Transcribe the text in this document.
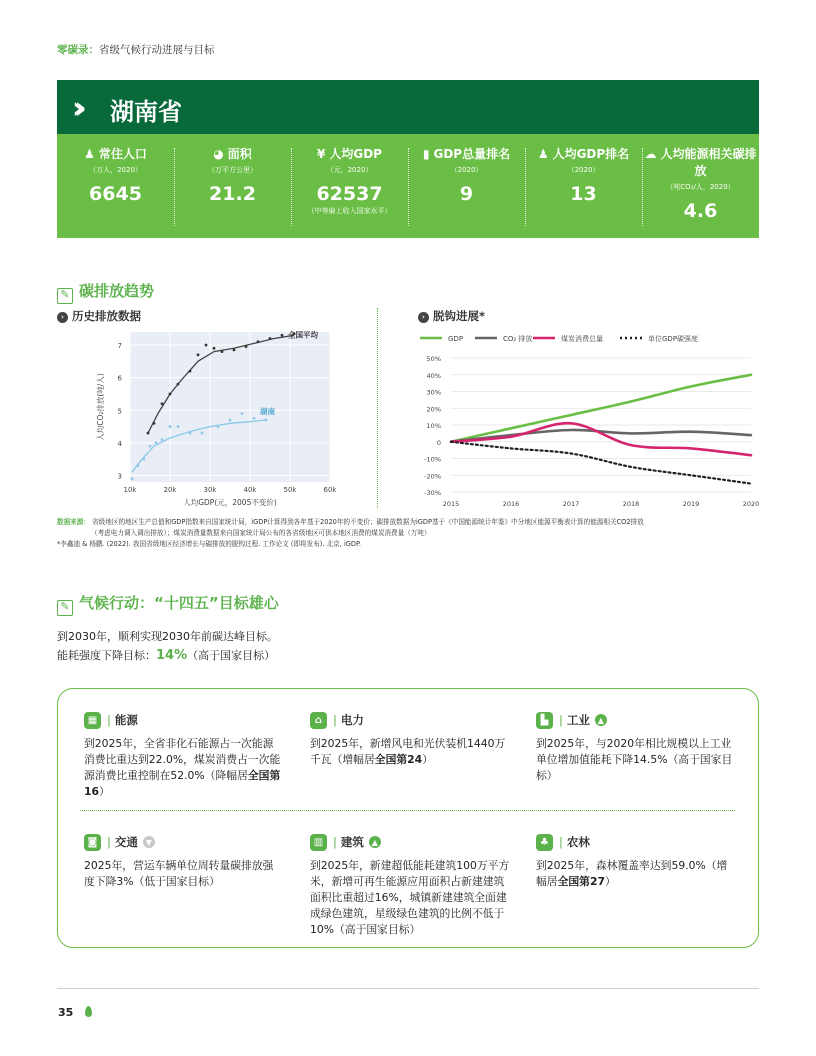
零碳录：省级气候行动进展与目标
›› 湖南省
♟ 常住人口
（万人，2020）
6645
◕ 面积
（万平方公里）
21.2
¥ 人均GDP
（元，2020）
62537
（中等偏上收入国家水平）
▮ GDP总量排名
（2020）
9
♟ 人均GDP排名
（2020）
13
☁ 人均能源相关碳排放
（吨CO₂/人，2020）
4.6
✎ 碳排放趋势
› 历史排放数据	› 脱钩进展*
3
4
5
6
7
10k	20k	30k	40k	50k	60k
人均GDP(元，2005不变价)
人均CO₂排放(吨/人)
全国平均
湖南
GDP	CO₂ 排放	煤炭消费总量	单位GDP碳强度
50%
40%
30%
20%
10%
0
-10%
-20%
-30%
2015	2016	2017	2018	2019	2020
数据来源： 省级地区的地区生产总值和GDP指数来自国家统计局，iGDP计算得到各年基于2020年的不变价；碳排放数据为iGDP基于《中国能源统计年鉴》中分地区能源平衡表计算的能源相关CO2排放
（考虑电力调入调出排放）；煤炭消费量数据来自国家统计局公布的各省级地区可供本地区消费的煤炭消费量（万吨）
*李鑫迪 & 杨鹏. (2022). 我国省级地区经济增长与碳排放的脱钩过程. 工作论文 (即将发布). 北京, iGDP.
✎ 气候行动：“十四五”目标雄心
到2030年，顺利实现2030年前碳达峰目标。
能耗强度下降目标：14%（高于国家目标）
▦ | 能源
到2025年，全省非化石能源占一次能源消费比重达到22.0%，煤炭消费占一次能源消费比重控制在52.0%（降幅居全国第16）
⌂ | 电力
到2025年，新增风电和光伏装机1440万千瓦（增幅居全国第24）
▙ | 工业 ▲
到2025年，与2020年相比规模以上工业单位增加值能耗下降14.5%（高于国家目标）
◙ | 交通 ▼
2025年，营运车辆单位周转量碳排放强度下降3%（低于国家目标）
▥ | 建筑 ▲
到2025年，新建超低能耗建筑100万平方米，新增可再生能源应用面积占新建建筑面积比重超过16%，城镇新建建筑全面建成绿色建筑，星级绿色建筑的比例不低于10%（高于国家目标）
♣ | 农林
到2025年，森林覆盖率达到59.0%（增幅居全国第27）
35
